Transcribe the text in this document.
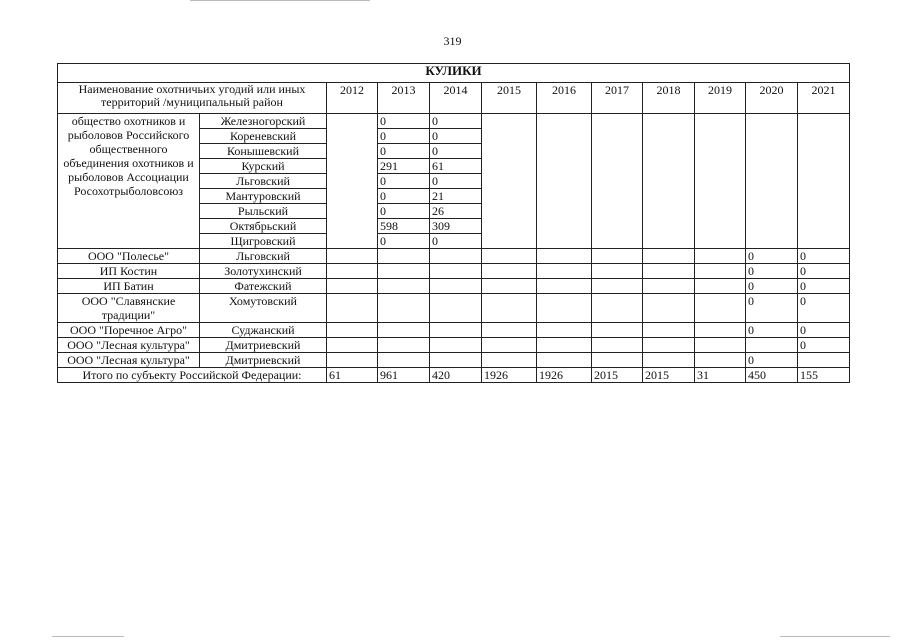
319
КУЛИКИ											
Наименование охотничьих угодий или иных территорий /муниципальный район		2012	2013	2014	2015	2016	2017	2018	2019	2020	2021
общество охотников и рыболовов Российского общественного объединения охотников и рыболовов Ассоциации Росохотрыболовсоюз	Железногорский		0	0							
	Кореневский		0	0							
	Конышевский		0	0							
	Курский		291	61							
	Льговский		0	0							
	Мантуровский		0	21							
	Рыльский		0	26							
	Октябрьский		598	309							
	Щигровский		0	0							
ООО "Полесье"	Льговский									0	0
ИП Костин	Золотухинский									0	0
ИП Батин	Фатежский									0	0
ООО "Славянские традиции"	Хомутовский									0	0
ООО "Поречное Агро"	Суджанский									0	0
ООО "Лесная культура"	Дмитриевский										0
ООО "Лесная культура"	Дмитриевский									0	
Итого по субъекту Российской Федерации:		61	961	420	1926	1926	2015	2015	31	450	155
